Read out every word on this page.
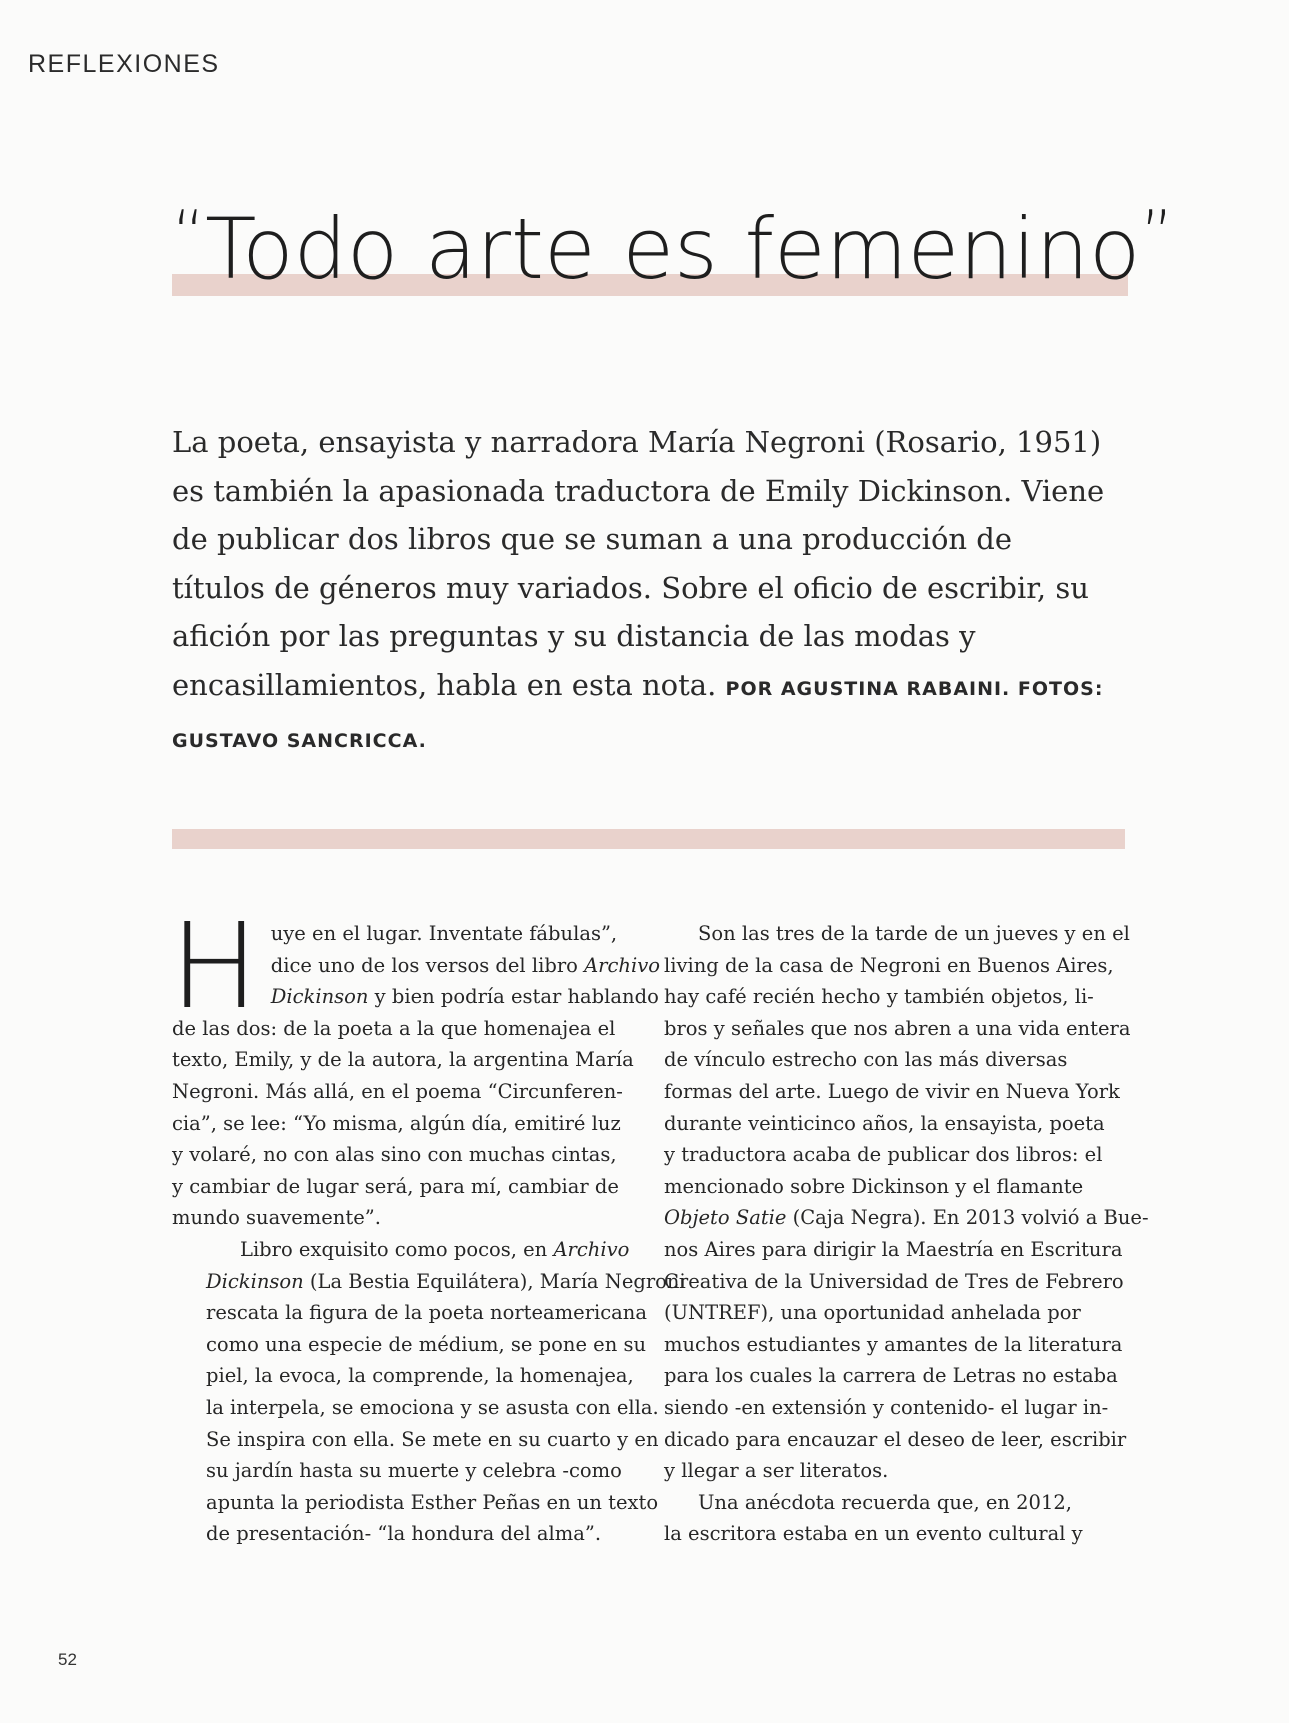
REFLEXIONES
“Todo arte es femenino”
La poeta, ensayista y narradora María Negroni (Rosario, 1951) es también la apasionada traductora de Emily Dickinson. Viene de publicar dos libros que se suman a una producción de títulos de géneros muy variados. Sobre el oficio de escribir, su afición por las preguntas y su distancia de las modas y encasillamientos, habla en esta nota. POR AGUSTINA RABAINI. FOTOS: GUSTAVO SANCRICCA.

H uye en el lugar. Inventate fábulas”,
dice uno de los versos del libro Archivo
Dickinson y bien podría estar hablando
de las dos: de la poeta a la que homenajea el
texto, Emily, y de la autora, la argentina María
Negroni. Más allá, en el poema “Circunferen-
cia”, se lee: “Yo misma, algún día, emitiré luz
y volaré, no con alas sino con muchas cintas,
y cambiar de lugar será, para mí, cambiar de
mundo suavemente”.

Libro exquisito como pocos, en Archivo
Dickinson (La Bestia Equilátera), María Negroni
rescata la figura de la poeta norteamericana
como una especie de médium, se pone en su
piel, la evoca, la comprende, la homenajea,
la interpela, se emociona y se asusta con ella.
Se inspira con ella. Se mete en su cuarto y en
su jardín hasta su muerte y celebra -como
apunta la periodista Esther Peñas en un texto
de presentación- “la hondura del alma”.

Son las tres de la tarde de un jueves y en el
living de la casa de Negroni en Buenos Aires,
hay café recién hecho y también objetos, li-
bros y señales que nos abren a una vida entera
de vínculo estrecho con las más diversas
formas del arte. Luego de vivir en Nueva York
durante veinticinco años, la ensayista, poeta
y traductora acaba de publicar dos libros: el
mencionado sobre Dickinson y el flamante
Objeto Satie (Caja Negra). En 2013 volvió a Bue-
nos Aires para dirigir la Maestría en Escritura
Creativa de la Universidad de Tres de Febrero
(UNTREF), una oportunidad anhelada por
muchos estudiantes y amantes de la literatura
para los cuales la carrera de Letras no estaba
siendo -en extensión y contenido- el lugar in-
dicado para encauzar el deseo de leer, escribir
y llegar a ser literatos.

Una anécdota recuerda que, en 2012,
la escritora estaba en un evento cultural y

52
